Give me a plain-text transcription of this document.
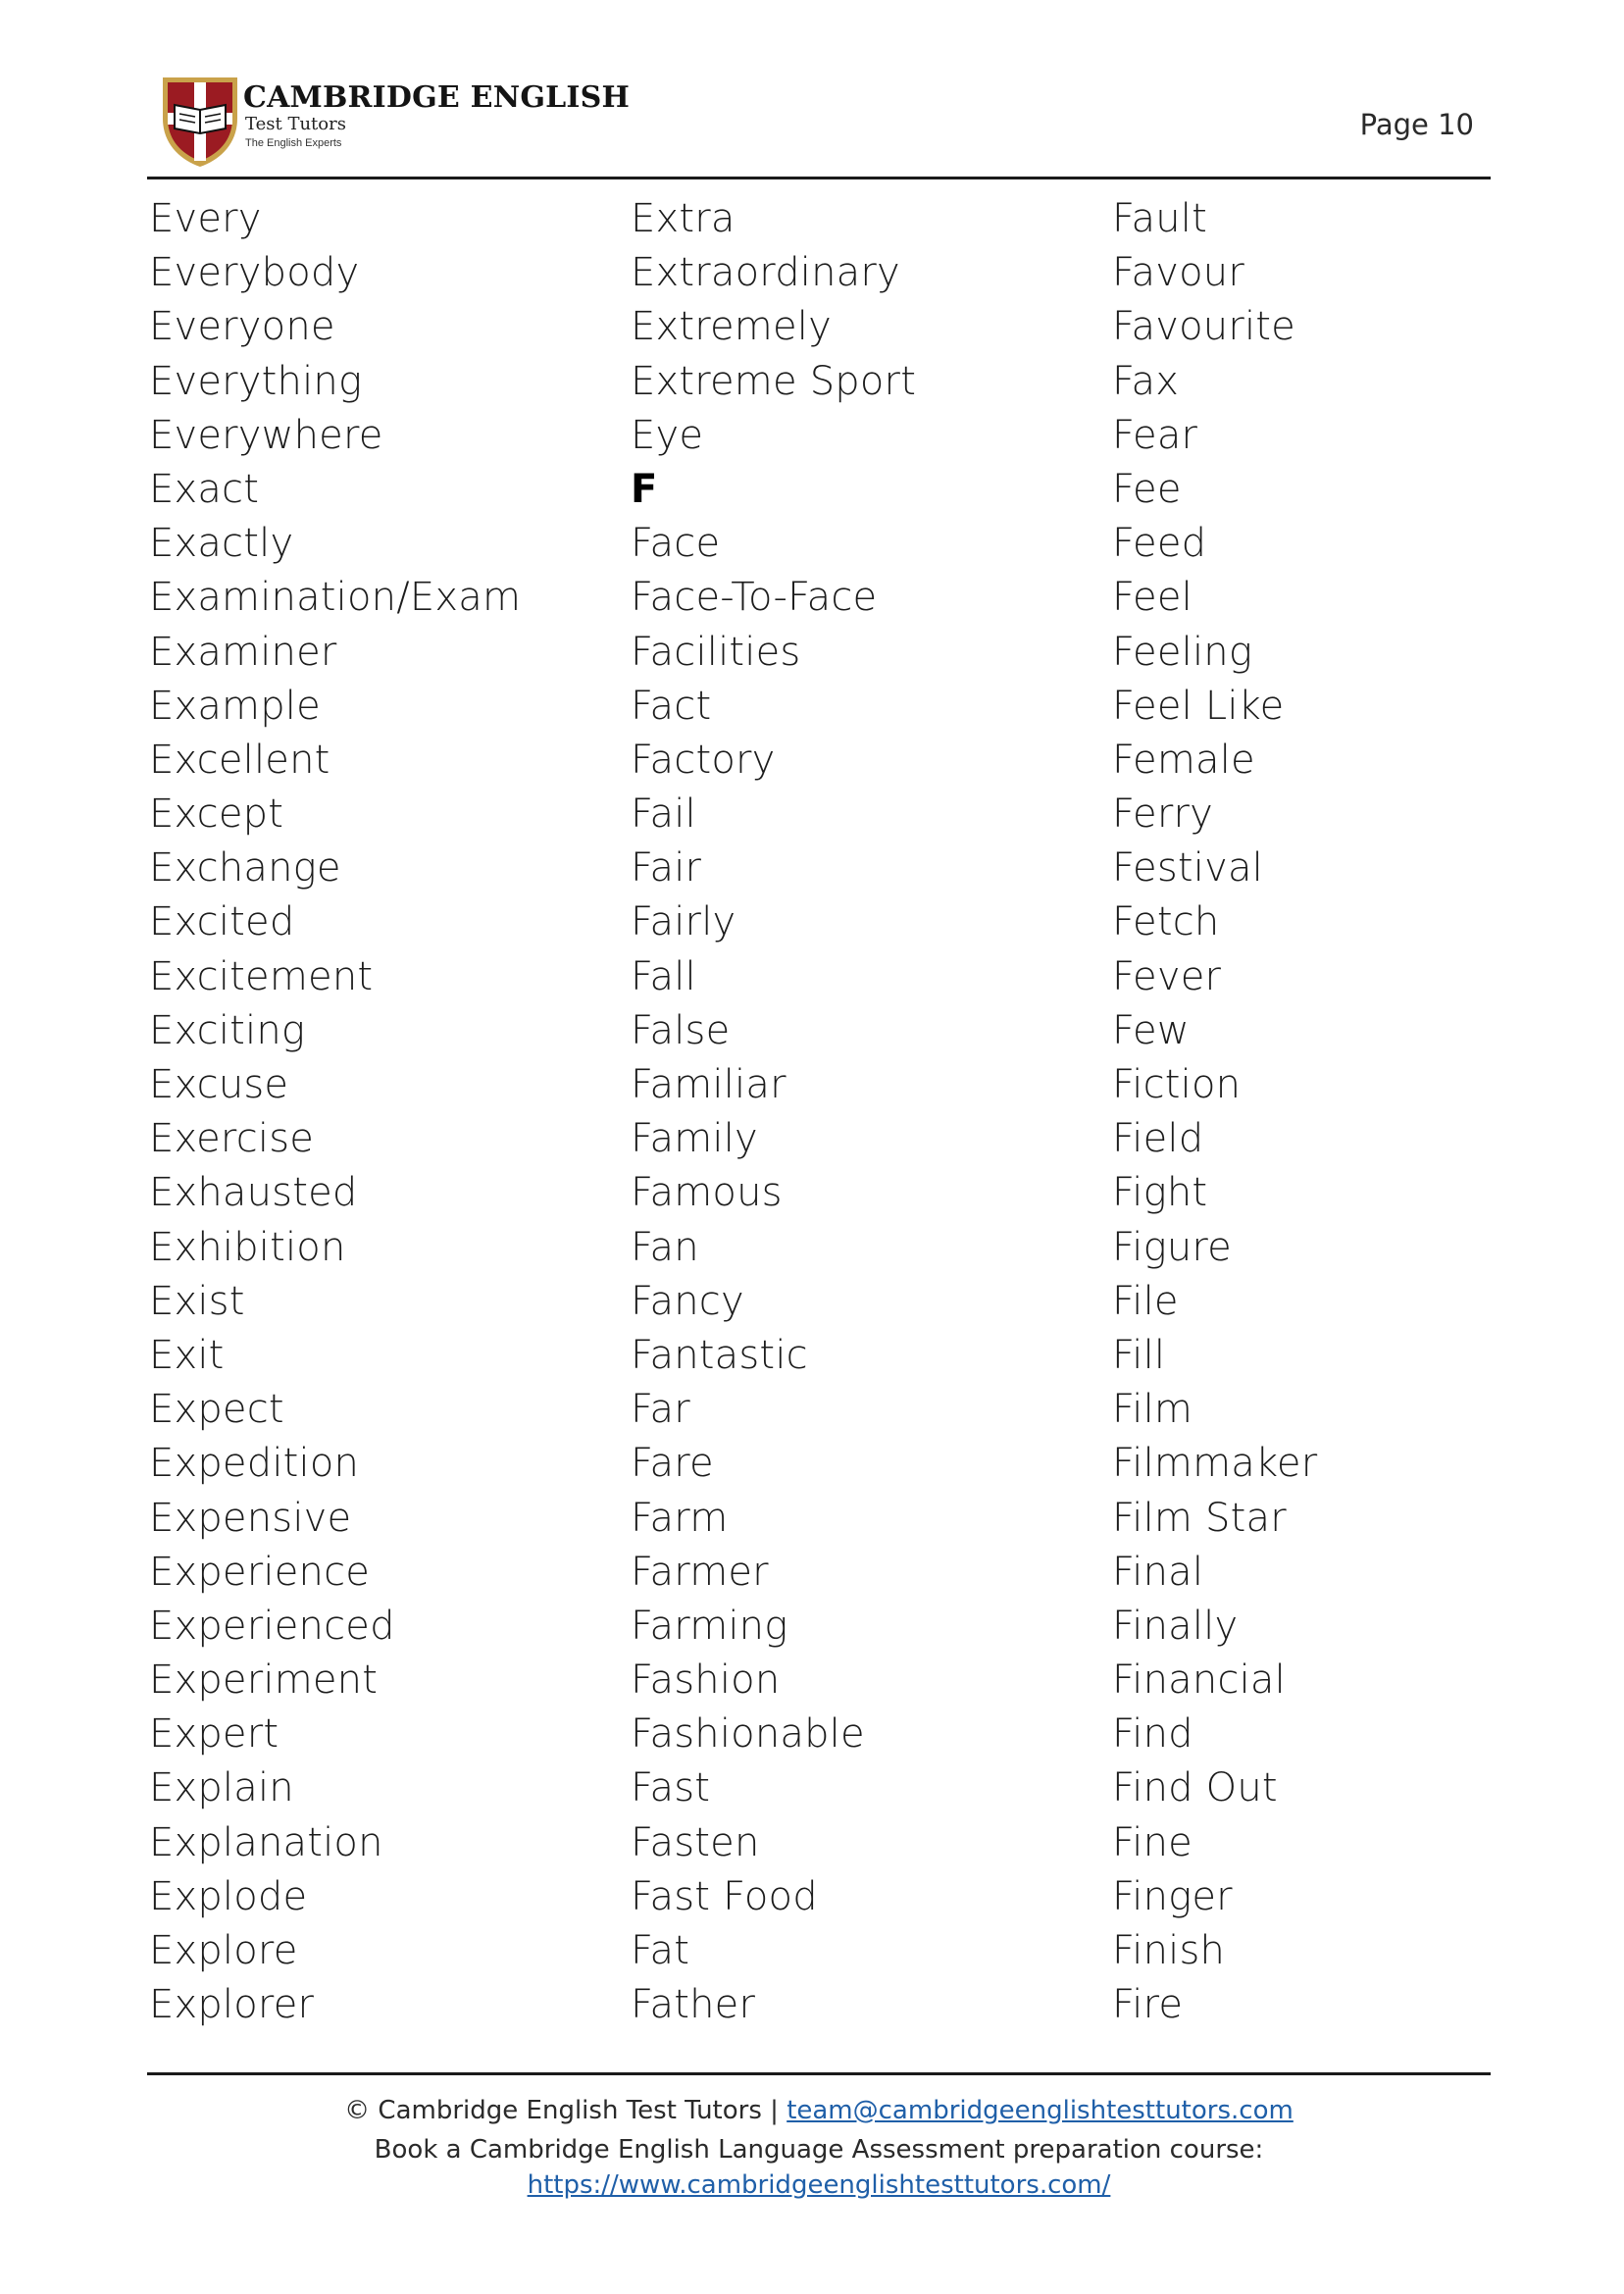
CAMBRIDGE ENGLISH
Test Tutors
The English Experts
Page 10
Every
Everybody
Everyone
Everything
Everywhere
Exact
Exactly
Examination/Exam
Examiner
Example
Excellent
Except
Exchange
Excited
Excitement
Exciting
Excuse
Exercise
Exhausted
Exhibition
Exist
Exit
Expect
Expedition
Expensive
Experience
Experienced
Experiment
Expert
Explain
Explanation
Explode
Explore
Explorer
Extra
Extraordinary
Extremely
Extreme Sport
Eye
F
Face
Face-To-Face
Facilities
Fact
Factory
Fail
Fair
Fairly
Fall
False
Familiar
Family
Famous
Fan
Fancy
Fantastic
Far
Fare
Farm
Farmer
Farming
Fashion
Fashionable
Fast
Fasten
Fast Food
Fat
Father
Fault
Favour
Favourite
Fax
Fear
Fee
Feed
Feel
Feeling
Feel Like
Female
Ferry
Festival
Fetch
Fever
Few
Fiction
Field
Fight
Figure
File
Fill
Film
Filmmaker
Film Star
Final
Finally
Financial
Find
Find Out
Fine
Finger
Finish
Fire
© Cambridge English Test Tutors | team@cambridgeenglishtesttutors.com
Book a Cambridge English Language Assessment preparation course:
https://www.cambridgeenglishtesttutors.com/
